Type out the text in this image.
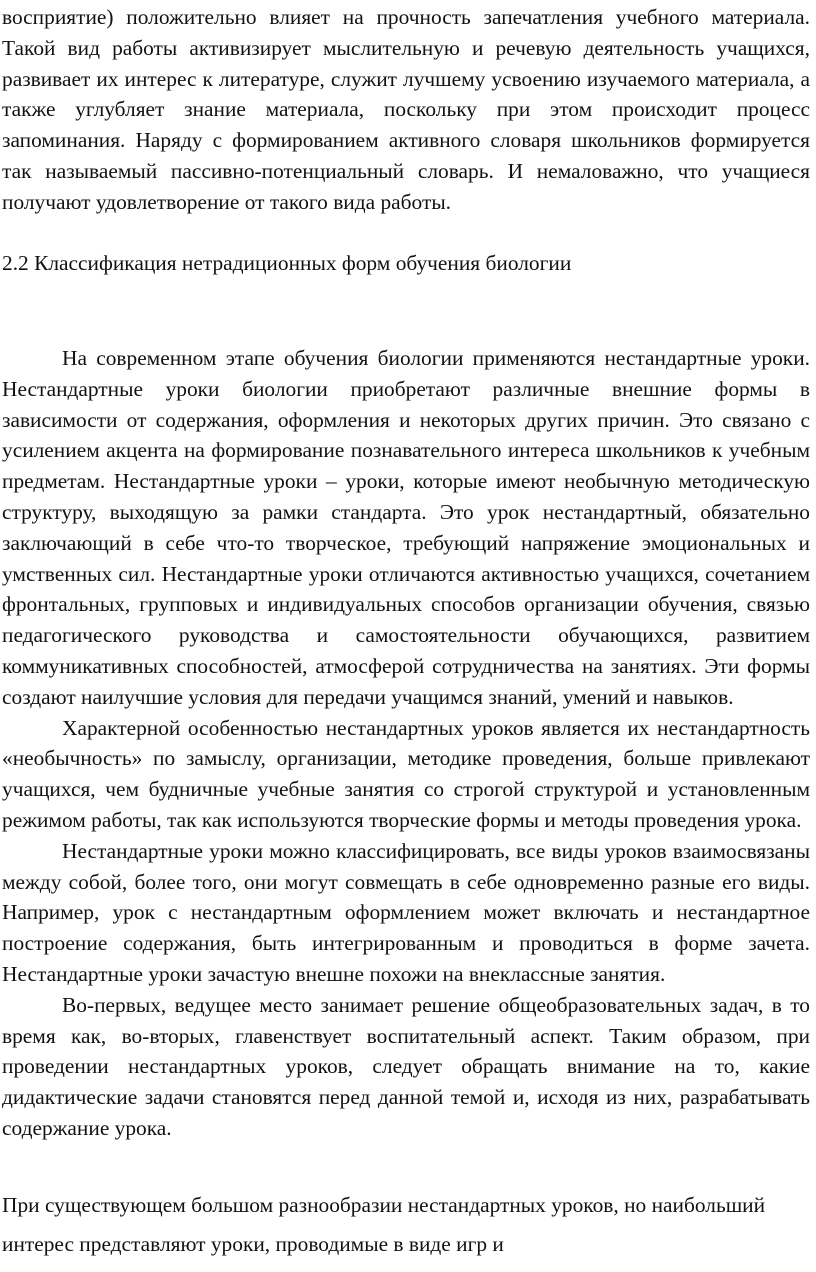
восприятие) положительно влияет на прочность запечатления учебного материала. Такой вид работы активизирует мыслительную и речевую деятельность учащихся, развивает их интерес к литературе, служит лучшему усвоению изучаемого материала, а также углубляет знание материала, поскольку при этом происходит процесс запоминания. Наряду с формированием активного словаря школьников формируется так называемый пассивно-потенциальный словарь. И немаловажно, что учащиеся получают удовлетворение от такого вида работы.

2.2 Классификация нетрадиционных форм обучения биологии

На современном этапе обучения биологии применяются нестандартные уроки. Нестандартные уроки биологии приобретают различные внешние формы в зависимости от содержания, оформления и некоторых других причин. Это связано с усилением акцента на формирование познавательного интереса школьников к учебным предметам. Нестандартные уроки – уроки, которые имеют необычную методическую структуру, выходящую за рамки стандарта. Это урок нестандартный, обязательно заключающий в себе что-то творческое, требующий напряжение эмоциональных и умственных сил. Нестандартные уроки отличаются активностью учащихся, сочетанием фронтальных, групповых и индивидуальных способов организации обучения, связью педагогического руководства и самостоятельности обучающихся, развитием коммуникативных способностей, атмосферой сотрудничества на занятиях. Эти формы создают наилучшие условия для передачи учащимся знаний, умений и навыков.

Характерной особенностью нестандартных уроков является их нестандартность «необычность» по замыслу, организации, методике проведения, больше привлекают учащихся, чем будничные учебные занятия со строгой структурой и установленным режимом работы, так как используются творческие формы и методы проведения урока.

Нестандартные уроки можно классифицировать, все виды уроков взаимосвязаны между собой, более того, они могут совмещать в себе одновременно разные его виды. Например, урок с нестандартным оформлением может включать и нестандартное построение содержания, быть интегрированным и проводиться в форме зачета. Нестандартные уроки зачастую внешне похожи на внеклассные занятия.

Во-первых, ведущее место занимает решение общеобразовательных задач, в то время как, во-вторых, главенствует воспитательный аспект. Таким образом, при проведении нестандартных уроков, следует обращать внимание на то, какие дидактические задачи становятся перед данной темой и, исходя из них, разрабатывать содержание урока.

При существующем большом разнообразии нестандартных уроков, но наибольший интерес представляют уроки, проводимые в виде игр и
